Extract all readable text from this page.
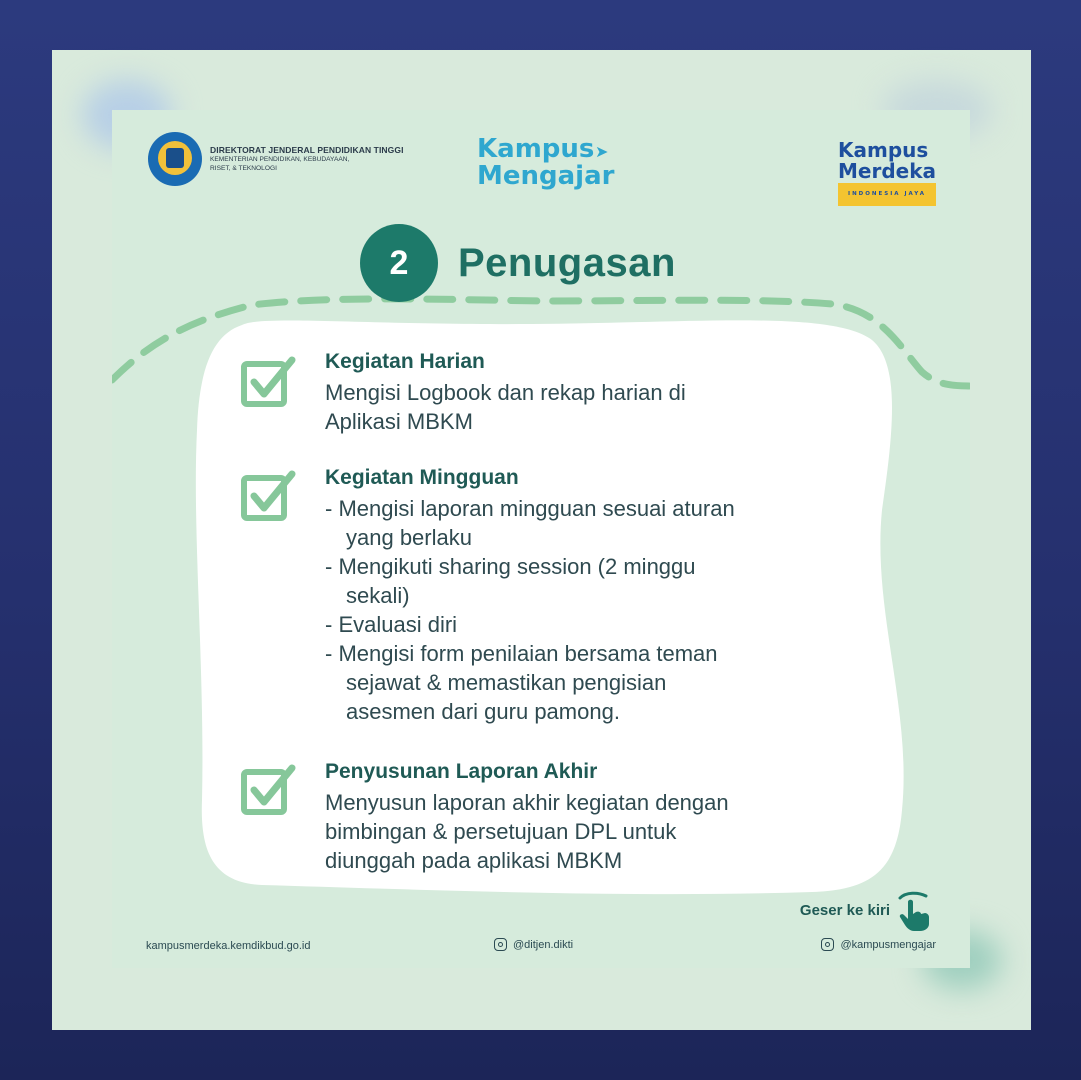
DIREKTORAT JENDERAL PENDIDIKAN TINGGI
KEMENTERIAN PENDIDIKAN, KEBUDAYAAN,
RISET, & TEKNOLOGI
Kampus
Mengajar
➤	Kampus
Merdeka
INDONESIA JAYA
2	Penugasan
Kegiatan Harian
Mengisi Logbook dan rekap harian di
Aplikasi MBKM
Kegiatan Mingguan
- Mengisi laporan mingguan sesuai aturan
yang berlaku
- Mengikuti sharing session (2 minggu
sekali)
- Evaluasi diri
- Mengisi form penilaian bersama teman
sejawat & memastikan pengisian
asesmen dari guru pamong.
Penyusunan Laporan Akhir
Menyusun laporan akhir kegiatan dengan
bimbingan & persetujuan DPL untuk
diunggah pada aplikasi MBKM
Geser ke kiri
kampusmerdeka.kemdikbud.go.id	@ditjen.dikti	@kampusmengajar
